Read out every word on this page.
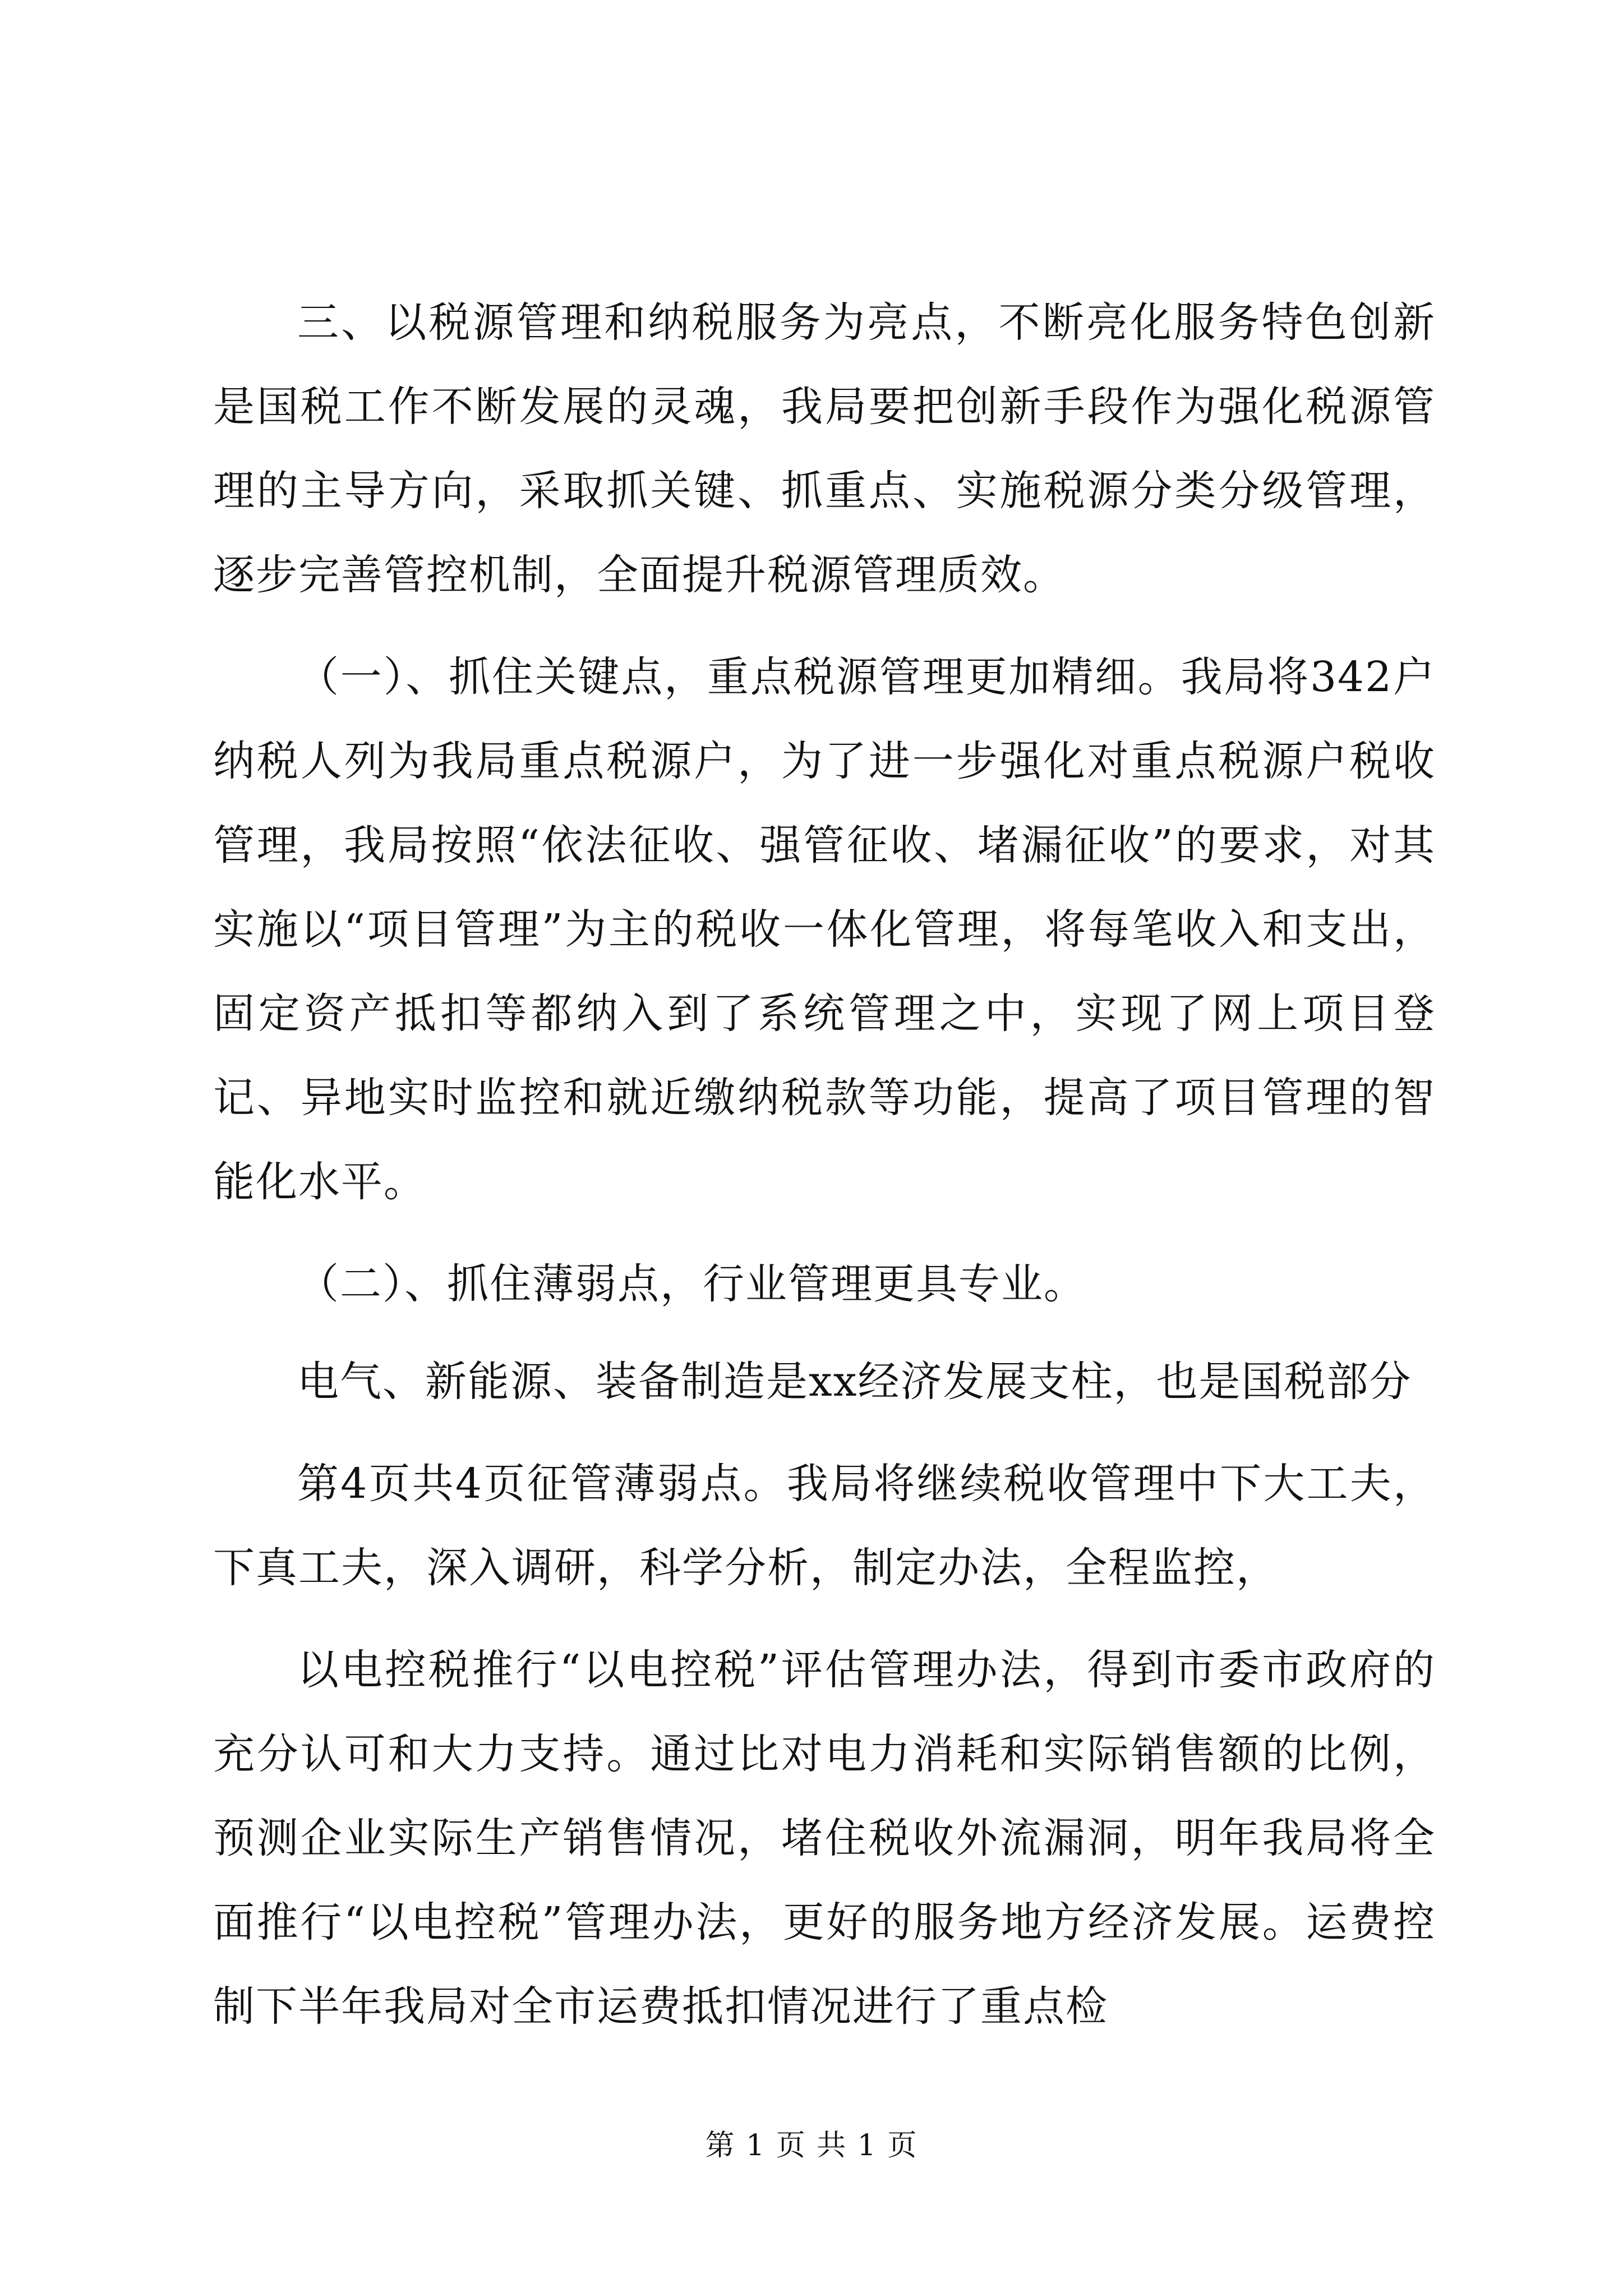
三、以税源管理和纳税服务为亮点，不断亮化服务特色创新是国税工作不断发展的灵魂，我局要把创新手段作为强化税源管理的主导方向，采取抓关键、抓重点、实施税源分类分级管理，逐步完善管控机制，全面提升税源管理质效。

（一）、抓住关键点，重点税源管理更加精细。我局将342户纳税人列为我局重点税源户，为了进一步强化对重点税源户税收管理，我局按照“依法征收、强管征收、堵漏征收”的要求，对其实施以“项目管理”为主的税收一体化管理，将每笔收入和支出，固定资产抵扣等都纳入到了系统管理之中，实现了网上项目登记、异地实时监控和就近缴纳税款等功能，提高了项目管理的智能化水平。

（二）、抓住薄弱点，行业管理更具专业。

电气、新能源、装备制造是xx经济发展支柱，也是国税部分

第4页共4页征管薄弱点。我局将继续税收管理中下大工夫，下真工夫，深入调研，科学分析，制定办法，全程监控，

以电控税推行“以电控税”评估管理办法，得到市委市政府的充分认可和大力支持。通过比对电力消耗和实际销售额的比例，预测企业实际生产销售情况，堵住税收外流漏洞，明年我局将全面推行“以电控税”管理办法，更好的服务地方经济发展。运费控制下半年我局对全市运费抵扣情况进行了重点检

第 1 页 共 1 页
